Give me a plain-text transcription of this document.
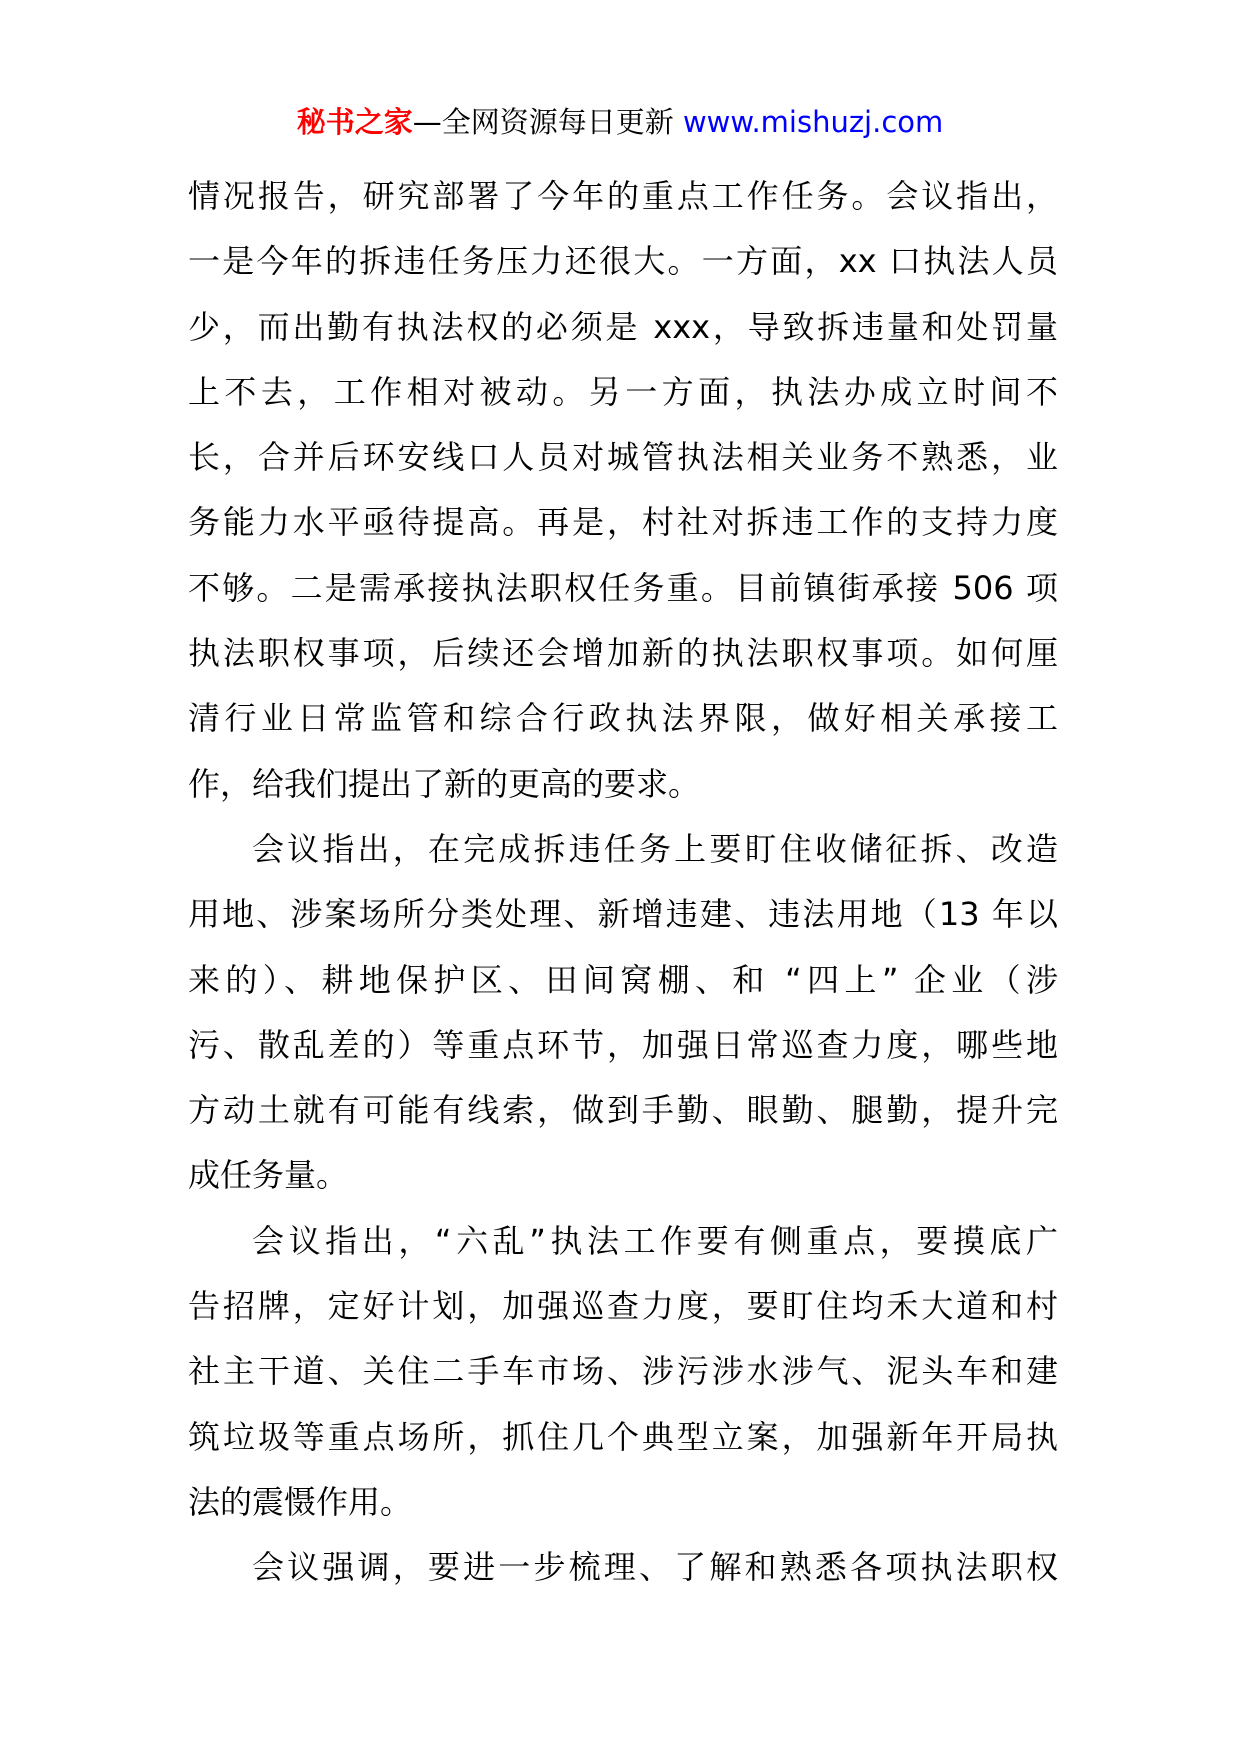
秘书之家—全网资源每日更新 www.mishuzj.com
情况报告，研究部署了今年的重点工作任务。会议指出，
一是今年的拆违任务压力还很大。一方面，xx 口执法人员
少，而出勤有执法权的必须是 xxx，导致拆违量和处罚量
上不去，工作相对被动。另一方面，执法办成立时间不
长，合并后环安线口人员对城管执法相关业务不熟悉，业
务能力水平亟待提高。再是，村社对拆违工作的支持力度
不够。二是需承接执法职权任务重。目前镇街承接 506 项
执法职权事项，后续还会增加新的执法职权事项。如何厘
清行业日常监管和综合行政执法界限，做好相关承接工
作，给我们提出了新的更高的要求。
会议指出，在完成拆违任务上要盯住收储征拆、改造
用地、涉案场所分类处理、新增违建、违法用地（13 年以
来的）、耕地保护区、田间窝棚、和 “四上” 企业（涉
污、散乱差的）等重点环节，加强日常巡查力度，哪些地
方动土就有可能有线索，做到手勤、眼勤、腿勤，提升完
成任务量。
会议指出，“六乱”执法工作要有侧重点，要摸底广
告招牌，定好计划，加强巡查力度，要盯住均禾大道和村
社主干道、关住二手车市场、涉污涉水涉气、泥头车和建
筑垃圾等重点场所，抓住几个典型立案，加强新年开局执
法的震慑作用。
会议强调，要进一步梳理、了解和熟悉各项执法职权
